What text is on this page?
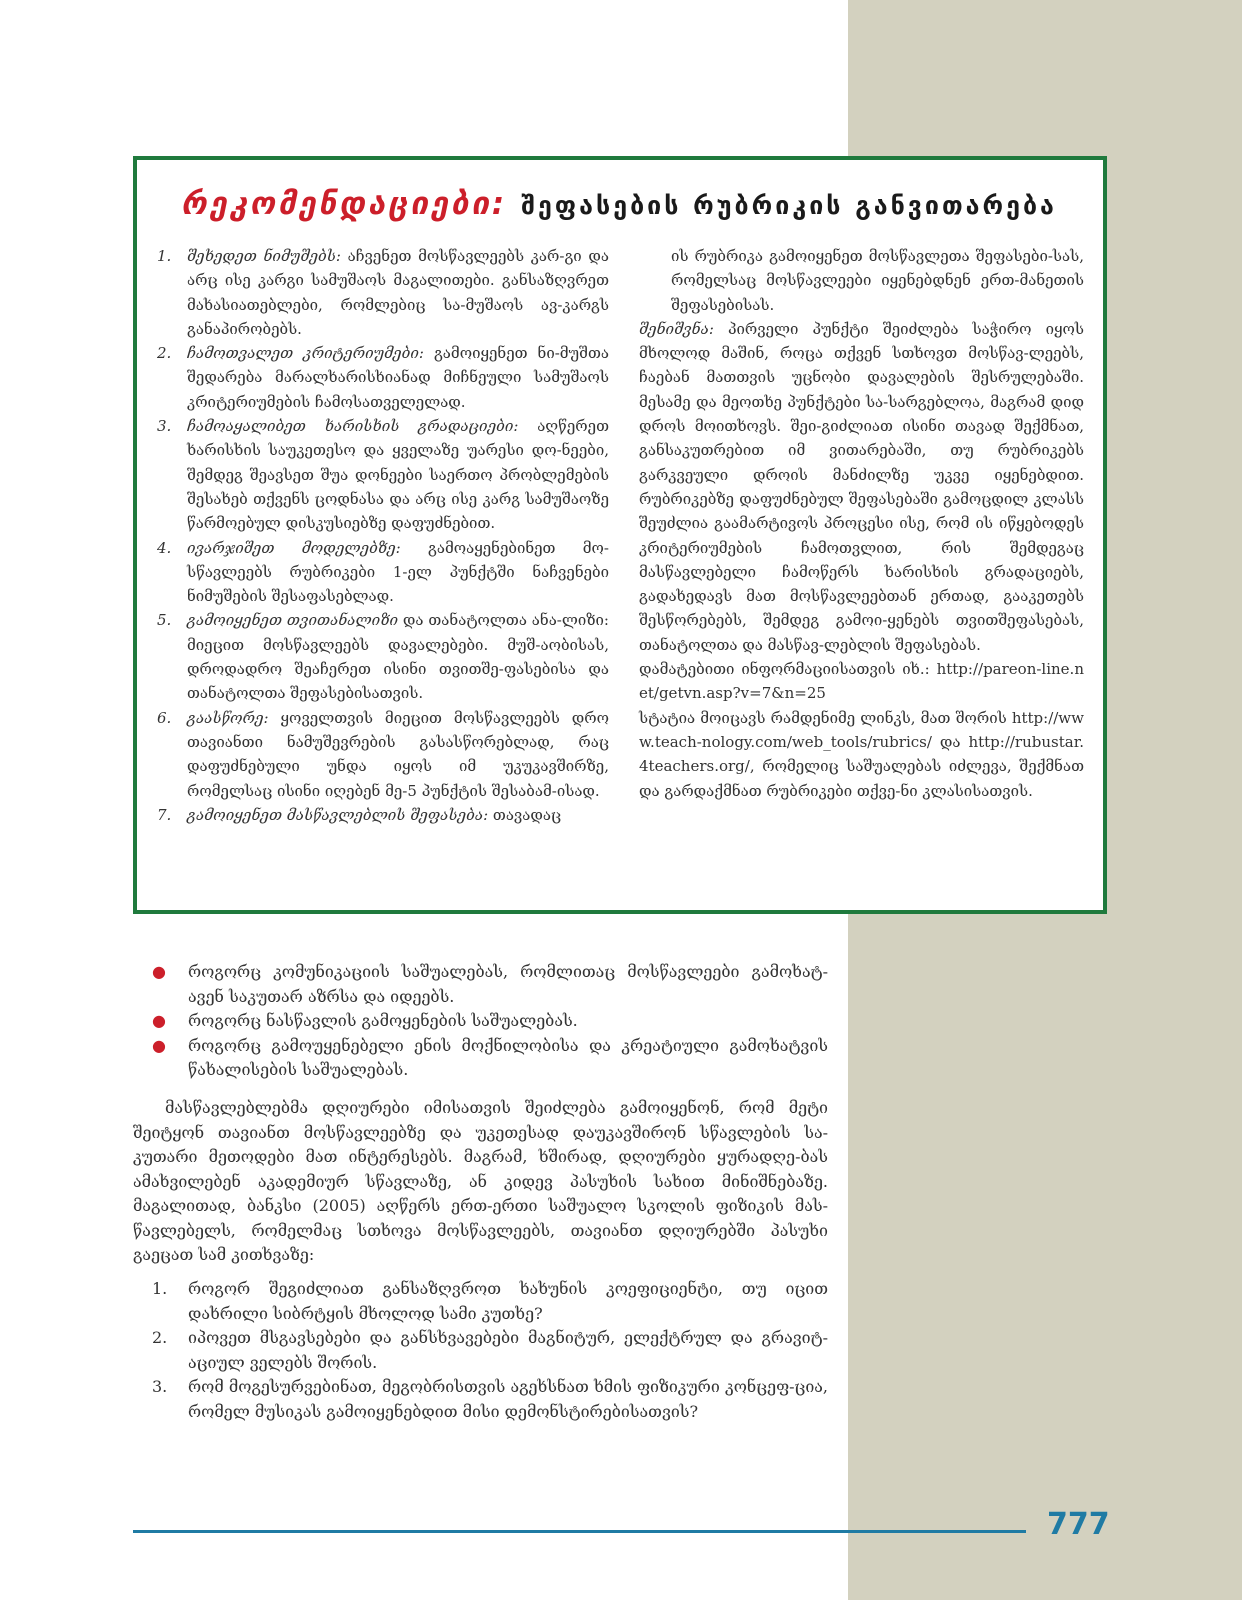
რეკომენდაციები: შეფასების რუბრიკის განვითარება
1.	შეხედეთ ნიმუშებს: აჩვენეთ მოსწავლეებს კარ-გი და არც ისე კარგი სამუშაოს მაგალითები. განსაზღვრეთ მახასიათებლები, რომლებიც სა-მუშაოს ავ-კარგს განაპირობებს.
2.	ჩამოთვალეთ კრიტერიუმები: გამოიყენეთ ნი-მუშთა შედარება მარალხარისხიანად მიჩნეული სამუშაოს კრიტერიუმების ჩამოსათველელად.
3.	ჩამოაყალიბეთ ხარისხის გრადაციები: აღწერეთ ხარისხის საუკეთესო და ყველაზე უარესი დო-ნეები, შემდეგ შეავსეთ შუა დონეები საერთო პრობლემების შესახებ თქვენს ცოდნასა და არც ისე კარგ სამუშაოზე წარმოებულ დისკუსიებზე დაფუძნებით.
4.	ივარჯიშეთ მოდელებზე: გამოაყენებინეთ მო-სწავლეებს რუბრიკები 1-ელ პუნქტში ნაჩვენები ნიმუშების შესაფასებლად.
5.	გამოიყენეთ თვითანალიზი და თანატოლთა ანა-ლიზი: მიეცით მოსწავლეებს დავალებები. მუშ-აობისას, დროდადრო შეაჩერეთ ისინი თვითშე-ფასებისა და თანატოლთა შეფასებისათვის.
6.	გაასწორე: ყოველთვის მიეცით მოსწავლეებს დრო თავიანთი ნამუშევრების გასასწორებლად, რაც დაფუძნებული უნდა იყოს იმ უკუკავშირზე, რომელსაც ისინი იღებენ მე-5 პუნქტის შესაბამ-ისად.
7.	გამოიყენეთ მასწავლებლის შეფასება: თავადაც
ის რუბრიკა გამოიყენეთ მოსწავლეთა შეფასები-სას, რომელსაც მოსწავლეები იყენებდნენ ერთ-მანეთის შეფასებისას.
შენიშვნა: პირველი პუნქტი შეიძლება საჭირო იყოს მხოლოდ მაშინ, როცა თქვენ სთხოვთ მოსწავ-ლეებს, ჩაებან მათთვის უცნობი დავალების შესრულებაში. მესამე და მეოთხე პუნქტები სა-სარგებლოა, მაგრამ დიდ დროს მოითხოვს. შეი-გიძლიათ ისინი თავად შექმნათ, განსაკუთრებით იმ ვითარებაში, თუ რუბრიკებს გარკვეული დროის მანძილზე უკვე იყენებდით. რუბრიკებზე დაფუძნებულ შეფასებაში გამოცდილ კლასს შეუძლია გაამარტივოს პროცესი ისე, რომ ის იწყებოდეს კრიტერიუმების ჩამოთვლით, რის შემდეგაც მასწავლებელი ჩამოწერს ხარისხის გრადაციებს, გადახედავს მათ მოსწავლეებთან ერთად, გააკეთებს შესწორებებს, შემდეგ გამოი-ყენებს თვითშეფასებას, თანატოლთა და მასწავ-ლებლის შეფასებას.
დამატებითი ინფორმაციისათვის იხ.: http://pareon-line.net/getvn.asp?v=7&n=25
სტატია მოიცავს რამდენიმე ლინკს, მათ შორის http://www.teach-nology.com/web_tools/rubrics/ და http://rubustar.4teachers.org/, რომელიც საშუალებას იძლევა, შექმნათ და გარდაქმნათ რუბრიკები თქვე-ნი კლასისათვის.
●	როგორც კომუნიკაციის საშუალებას, რომლითაც მოსწავლეები გამოხატ-ავენ საკუთარ აზრსა და იდეებს.
●	როგორც ნასწავლის გამოყენების საშუალებას.
●	როგორც გამოუყენებელი ენის მოქნილობისა და კრეატიული გამოხატვის წახალისების საშუალებას.
მასწავლებლებმა დღიურები იმისათვის შეიძლება გამოიყენონ, რომ მეტი შეიტყონ თავიანთ მოსწავლეებზე და უკეთესად დაუკავშირონ სწავლების სა-კუთარი მეთოდები მათ ინტერესებს. მაგრამ, ხშირად, დღიურები ყურადღე-ბას ამახვილებენ აკადემიურ სწავლაზე, ან კიდევ პასუხის სახით მინიშნებაზე. მაგალითად, ბანკსი (2005) აღწერს ერთ-ერთი საშუალო სკოლის ფიზიკის მას-წავლებელს, რომელმაც სთხოვა მოსწავლეებს, თავიანთ დღიურებში პასუხი გაეცათ სამ კითხვაზე:
1.	როგორ შეგიძლიათ განსაზღვროთ ხახუნის კოეფიციენტი, თუ იცით დახრილი სიბრტყის მხოლოდ სამი კუთხე?
2.	იპოვეთ მსგავსებები და განსხვავებები მაგნიტურ, ელექტრულ და გრავიტ-აციულ ველებს შორის.
3.	რომ მოგესურვებინათ, მეგობრისთვის აგეხსნათ ხმის ფიზიკური კონცეფ-ცია, რომელ მუსიკას გამოიყენებდით მისი დემონსტირებისათვის?
777
